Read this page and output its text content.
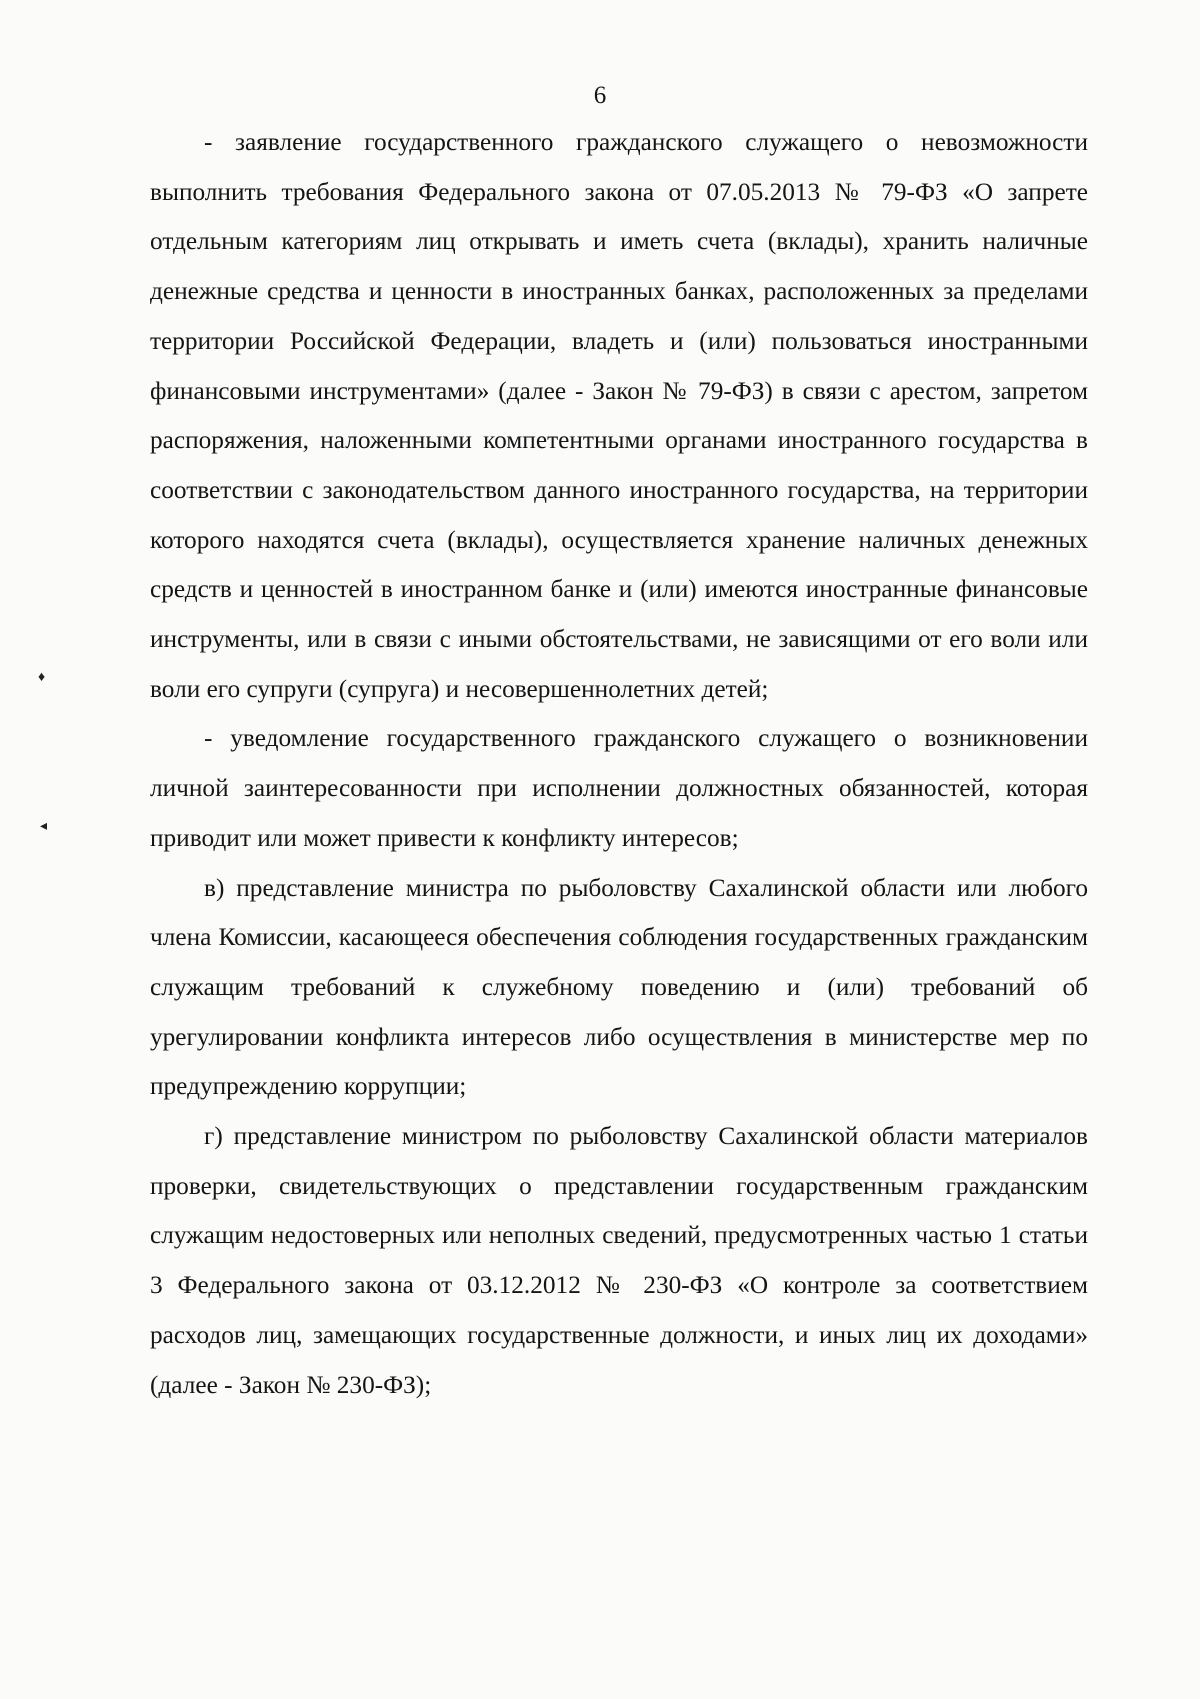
6

- заявление государственного гражданского служащего о невозможности выполнить требования Федерального закона от 07.05.2013 № 79-ФЗ «О запрете отдельным категориям лиц открывать и иметь счета (вклады), хранить наличные денежные средства и ценности в иностранных банках, расположенных за пределами территории Российской Федерации, владеть и (или) пользоваться иностранными финансовыми инструментами» (далее - Закон № 79-ФЗ) в связи с арестом, запретом распоряжения, наложенными компетентными органами иностранного государства в соответствии с законодательством данного иностранного государства, на территории которого находятся счета (вклады), осуществляется хранение наличных денежных средств и ценностей в иностранном банке и (или) имеются иностранные финансовые инструменты, или в связи с иными обстоятельствами, не зависящими от его воли или воли его супруги (супруга) и несовершеннолетних детей;

- уведомление государственного гражданского служащего о возникновении личной заинтересованности при исполнении должностных обязанностей, которая приводит или может привести к конфликту интересов;

в) представление министра по рыболовству Сахалинской области или любого члена Комиссии, касающееся обеспечения соблюдения государственных гражданским служащим требований к служебному поведению и (или) требований об урегулировании конфликта интересов либо осуществления в министерстве мер по предупреждению коррупции;

г) представление министром по рыболовству Сахалинской области материалов проверки, свидетельствующих о представлении государственным гражданским служащим недостоверных или неполных сведений, предусмотренных частью 1 статьи 3 Федерального закона от 03.12.2012 № 230-ФЗ «О контроле за соответствием расходов лиц, замещающих государственные должности, и иных лиц их доходами» (далее - Закон № 230-ФЗ);

♦
◂
